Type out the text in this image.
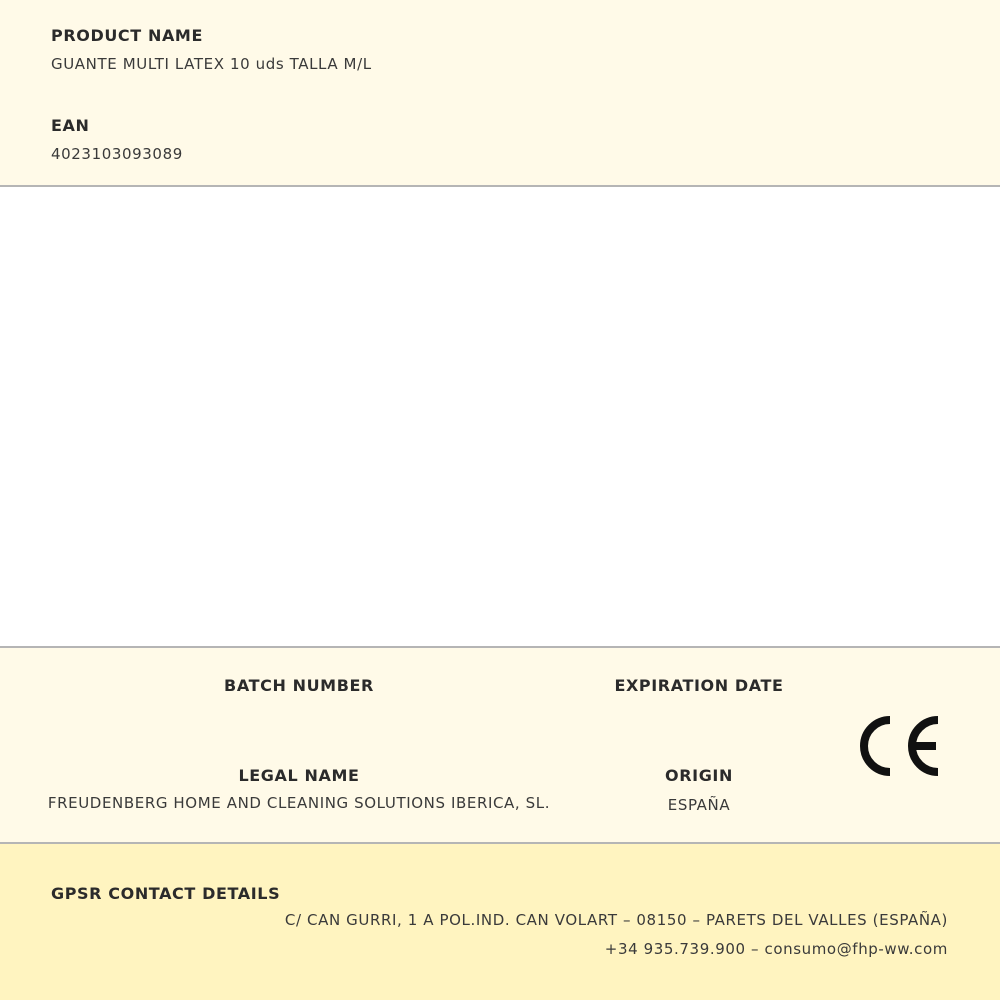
PRODUCT NAME
GUANTE MULTI LATEX 10 uds TALLA M/L
EAN
4023103093089
BATCH NUMBER	EXPIRATION DATE
LEGAL NAME
FREUDENBERG HOME AND CLEANING SOLUTIONS IBERICA, SL.
ORIGIN
ESPAÑA
GPSR CONTACT DETAILS
C/ CAN GURRI, 1 A POL.IND. CAN VOLART – 08150 – PARETS DEL VALLES (ESPAÑA)
+34 935.739.900 – consumo@fhp-ww.com
